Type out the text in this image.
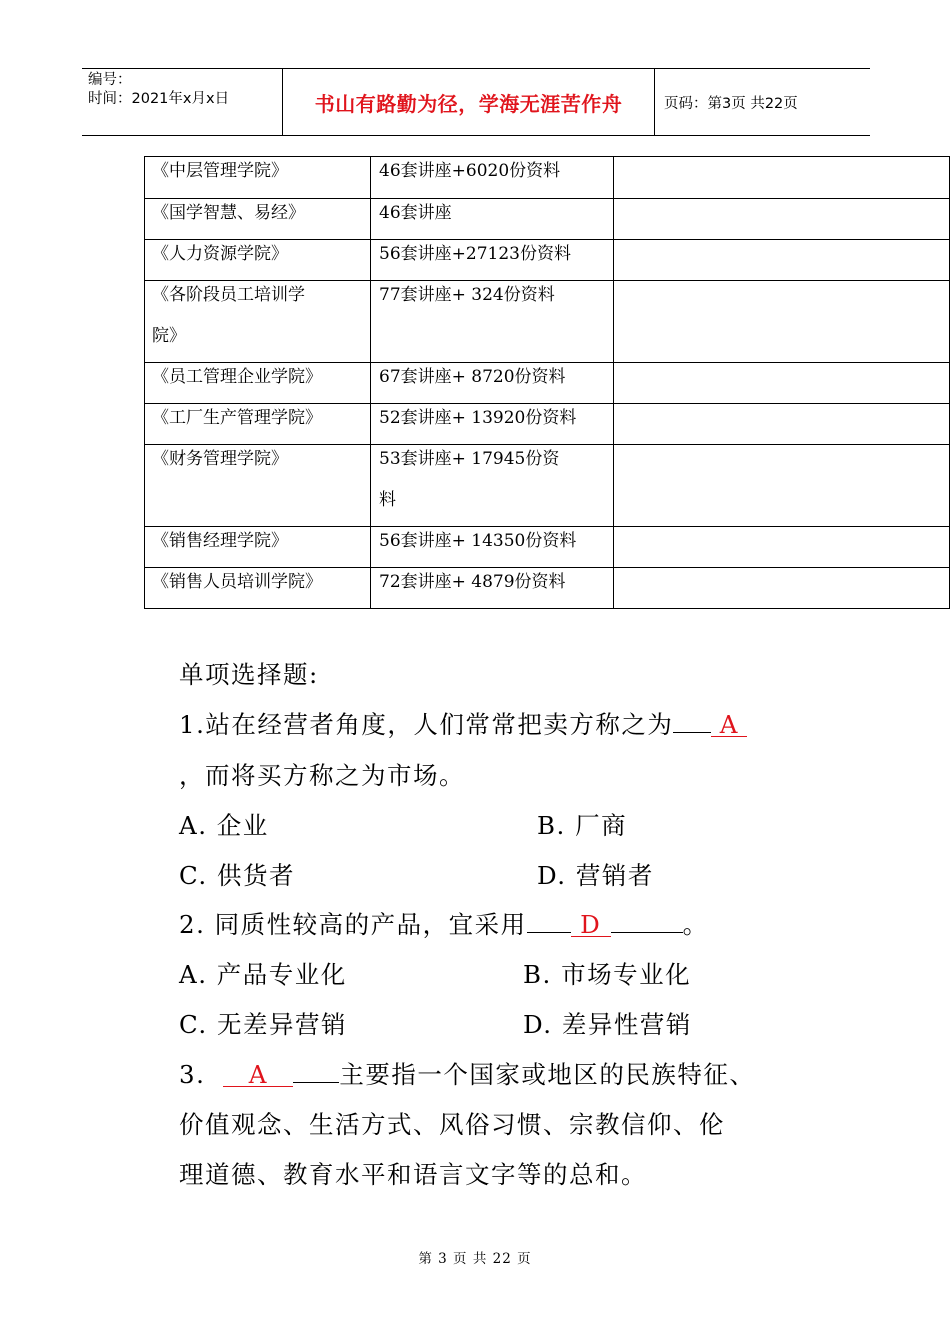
编号：
时间：2021年x月x日	书山有路勤为径，学海无涯苦作舟	页码：第3页 共22页
《中层管理学院》	46套讲座+6020份资料	

《国学智慧、易经》	46套讲座	

《人力资源学院》	56套讲座+27123份资料	

《各阶段员工培训学院》	77套讲座+ 324份资料	

《员工管理企业学院》	67套讲座+ 8720份资料	

《工厂生产管理学院》	52套讲座+ 13920份资料	

《财务管理学院》	53套讲座+ 17945份资料	

《销售经理学院》	56套讲座+ 14350份资料	

《销售人员培训学院》	72套讲座+ 4879份资料	

单项选择题:
1.站在经营者角度，人们常常把卖方称之为 A
，而将买方称之为市场。
A. 企业	B. 厂商
C. 供货者	D. 营销者
2. 同质性较高的产品，宜采用 D	。
A. 产品专业化	B. 市场专业化
C. 无差异营销	D. 差异性营销
3. A	主要指一个国家或地区的民族特征、
价值观念、生活方式、风俗习惯、宗教信仰、伦
理道德、教育水平和语言文字等的总和。
第 3 页 共 22 页
